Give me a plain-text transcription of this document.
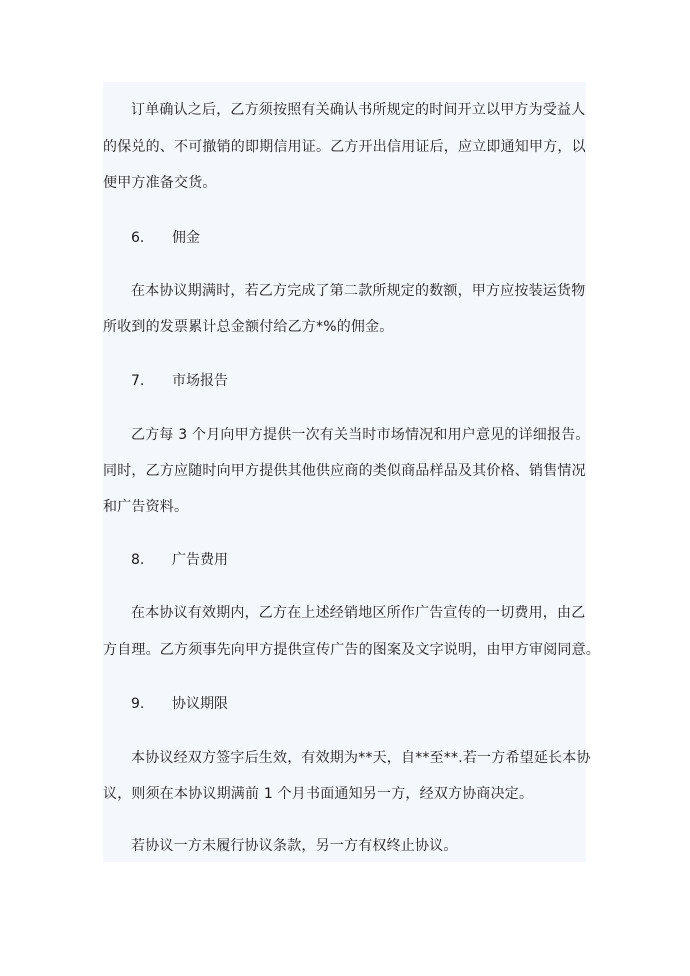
订单确认之后，乙方须按照有关确认书所规定的时间开立以甲方为受益人
的保兑的、不可撤销的即期信用证。乙方开出信用证后，应立即通知甲方，以
便甲方准备交货。
6. 佣金
在本协议期满时，若乙方完成了第二款所规定的数额，甲方应按装运货物
所收到的发票累计总金额付给乙方*%的佣金。
7. 市场报告
乙方每 3 个月向甲方提供一次有关当时市场情况和用户意见的详细报告。
同时，乙方应随时向甲方提供其他供应商的类似商品样品及其价格、销售情况
和广告资料。
8. 广告费用
在本协议有效期内，乙方在上述经销地区所作广告宣传的一切费用，由乙
方自理。乙方须事先向甲方提供宣传广告的图案及文字说明，由甲方审阅同意。
9. 协议期限
本协议经双方签字后生效，有效期为**天，自**至**.若一方希望延长本协
议，则须在本协议期满前 1 个月书面通知另一方，经双方协商决定。
若协议一方未履行协议条款，另一方有权终止协议。
